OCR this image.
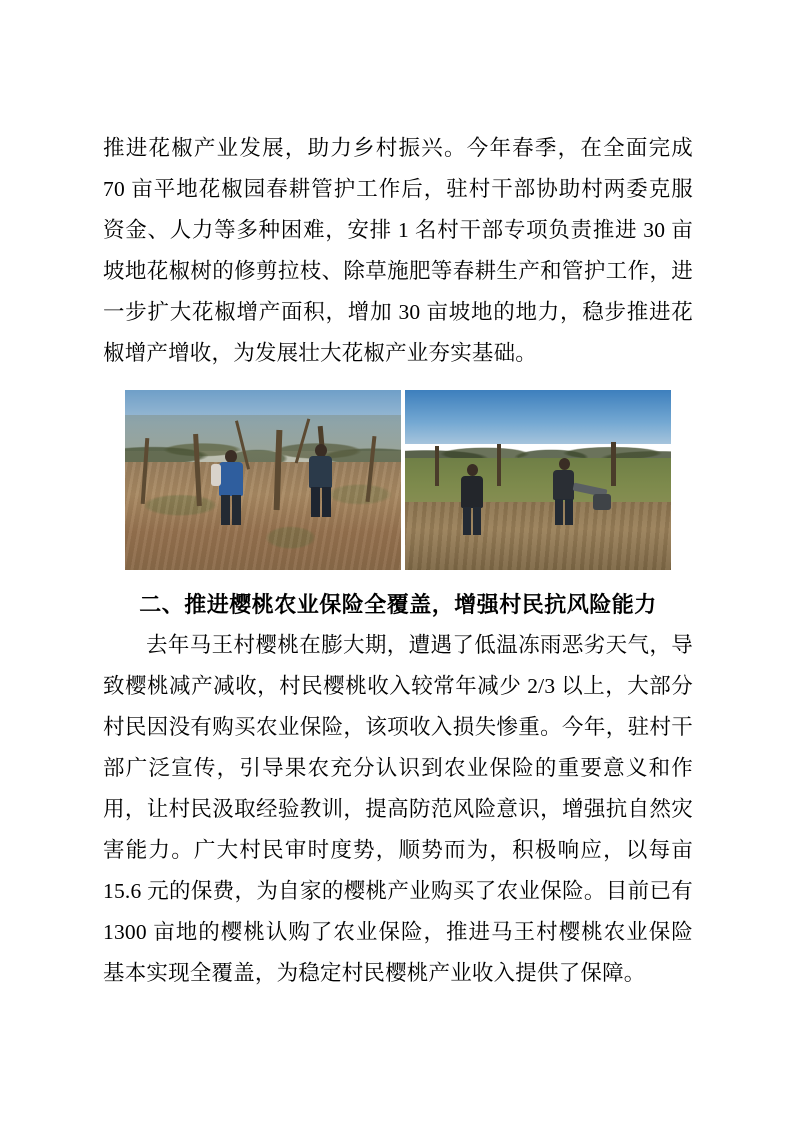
推进花椒产业发展，助力乡村振兴。今年春季，在全面完成 70 亩平地花椒园春耕管护工作后，驻村干部协助村两委克服资金、人力等多种困难，安排 1 名村干部专项负责推进 30 亩坡地花椒树的修剪拉枝、除草施肥等春耕生产和管护工作，进一步扩大花椒增产面积，增加 30 亩坡地的地力，稳步推进花椒增产增收，为发展壮大花椒产业夯实基础。

二、推进樱桃农业保险全覆盖，增强村民抗风险能力

去年马王村樱桃在膨大期，遭遇了低温冻雨恶劣天气，导致樱桃减产减收，村民樱桃收入较常年减少 2/3 以上，大部分村民因没有购买农业保险，该项收入损失惨重。今年，驻村干部广泛宣传，引导果农充分认识到农业保险的重要意义和作用，让村民汲取经验教训，提高防范风险意识，增强抗自然灾害能力。广大村民审时度势，顺势而为，积极响应，以每亩 15.6 元的保费，为自家的樱桃产业购买了农业保险。目前已有 1300 亩地的樱桃认购了农业保险，推进马王村樱桃农业保险基本实现全覆盖，为稳定村民樱桃产业收入提供了保障。
